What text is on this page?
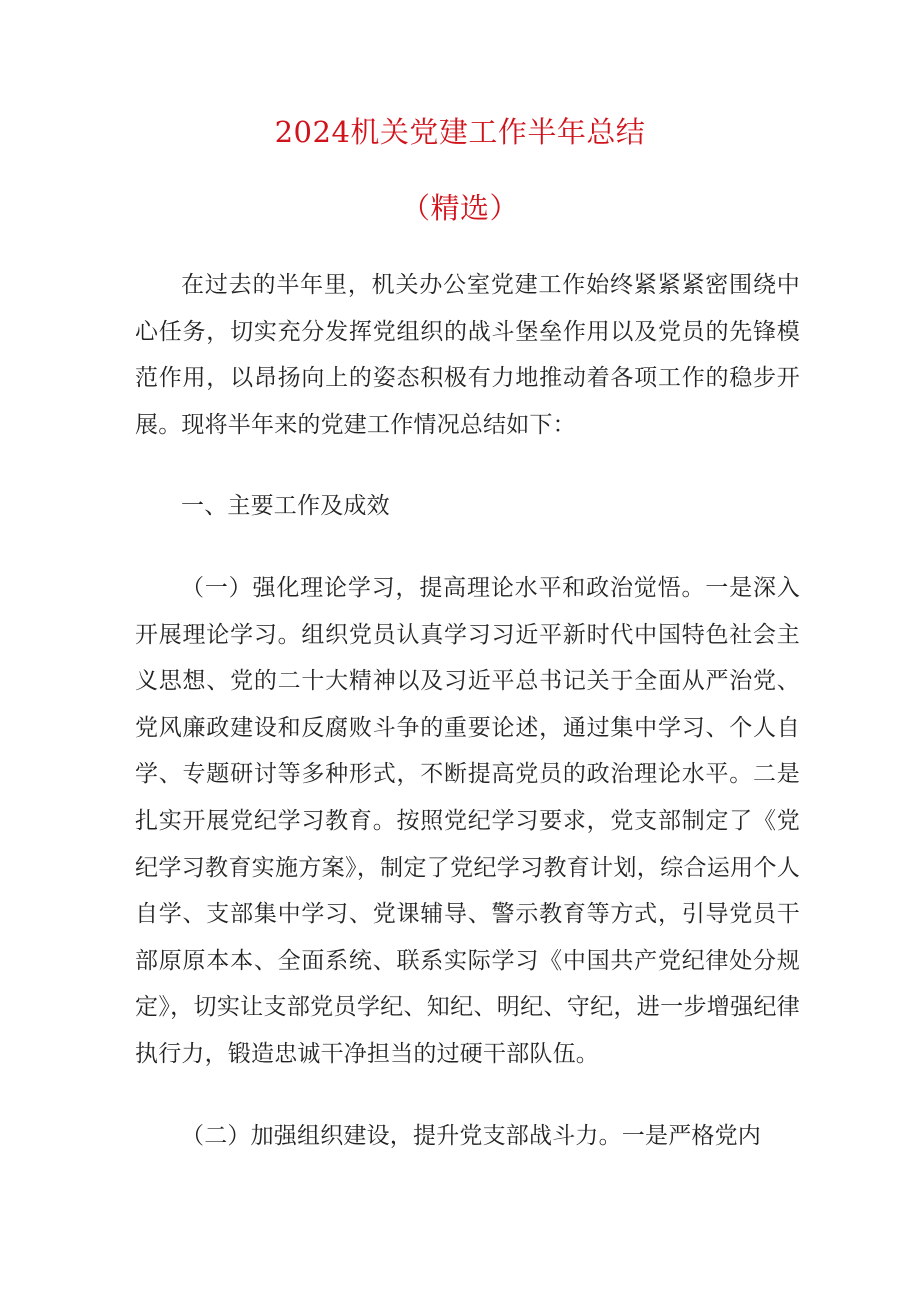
2024机关党建工作半年总结
（精选）

在过去的半年里，机关办公室党建工作始终紧紧紧密围绕中心任务，切实充分发挥党组织的战斗堡垒作用以及党员的先锋模范作用，以昂扬向上的姿态积极有力地推动着各项工作的稳步开展。现将半年来的党建工作情况总结如下：

一、主要工作及成效

（一）强化理论学习，提高理论水平和政治觉悟。一是深入开展理论学习。组织党员认真学习习近平新时代中国特色社会主义思想、党的二十大精神以及习近平总书记关于全面从严治党、党风廉政建设和反腐败斗争的重要论述，通过集中学习、个人自学、专题研讨等多种形式，不断提高党员的政治理论水平。二是扎实开展党纪学习教育。按照党纪学习要求，党支部制定了《党纪学习教育实施方案》，制定了党纪学习教育计划，综合运用个人自学、支部集中学习、党课辅导、警示教育等方式，引导党员干部原原本本、全面系统、联系实际学习《中国共产党纪律处分规定》，切实让支部党员学纪、知纪、明纪、守纪，进一步增强纪律执行力，锻造忠诚干净担当的过硬干部队伍。

（二）加强组织建设，提升党支部战斗力。一是严格党内
